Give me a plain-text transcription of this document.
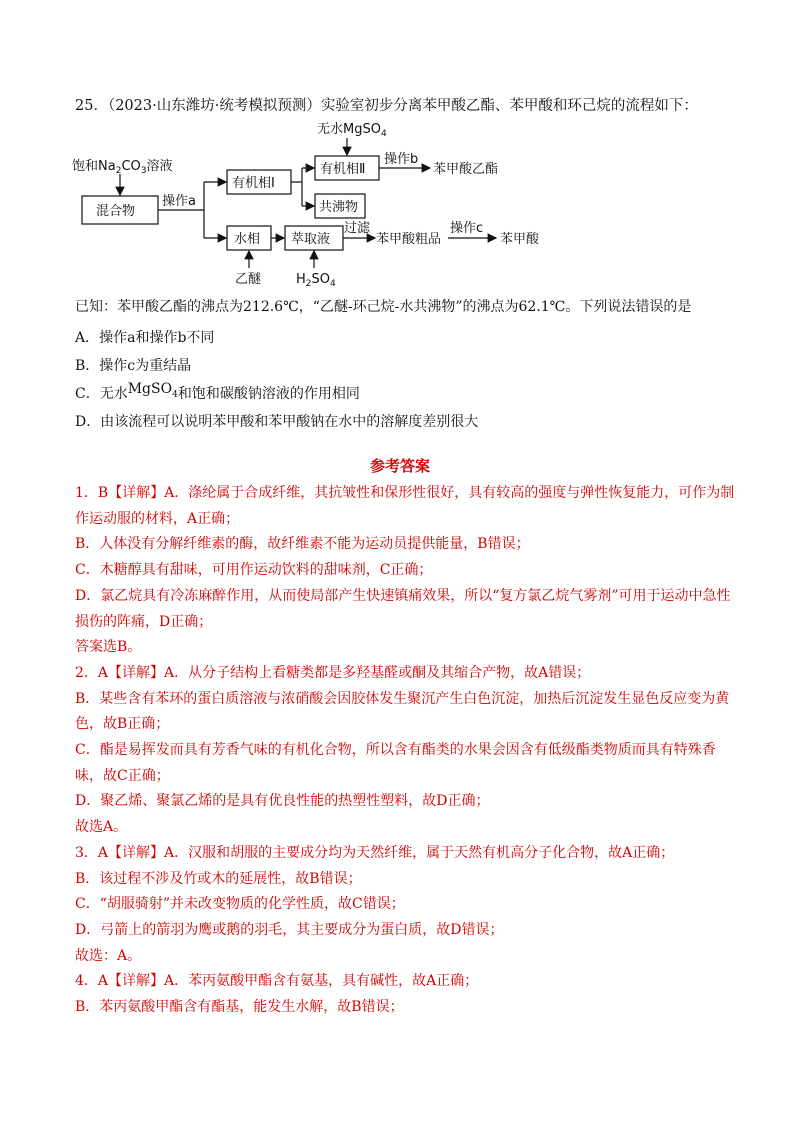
25．（2023·山东潍坊·统考模拟预测）实验室初步分离苯甲酸乙酯、苯甲酸和环己烷的流程如下：

无水MgSO$_4$
饱和$Na_2CO_3$溶液
混合物
操作a
有机相Ⅰ
有机相Ⅱ
操作b
苯甲酸乙酯
共沸物
水相 萃取液
过滤
苯甲酸粗品
操作c
苯甲酸
乙醚	$H_2SO_4$
已知：苯甲酸乙酯的沸点为212.6℃，“乙醚-环己烷-水共沸物”的沸点为62.1℃。下列说法错误的是
A．操作a和操作b不同
B．操作c为重结晶
C．无水MgSO$_4$和饱和碳酸钠溶液的作用相同
D．由该流程可以说明苯甲酸和苯甲酸钠在水中的溶解度差别很大
参考答案

1．B【详解】A．涤纶属于合成纤维，其抗皱性和保形性很好，具有较高的强度与弹性恢复能力，可作为制作运动服的材料，A正确；

B．人体没有分解纤维素的酶，故纤维素不能为运动员提供能量，B错误；

C．木糖醇具有甜味，可用作运动饮料的甜味剂，C正确；

D．氯乙烷具有冷冻麻醉作用，从而使局部产生快速镇痛效果，所以“复方氯乙烷气雾剂”可用于运动中急性损伤的阵痛，D正确；

答案选B。

2．A【详解】A．从分子结构上看糖类都是多羟基醛或酮及其缩合产物，故A错误；

B．某些含有苯环的蛋白质溶液与浓硝酸会因胶体发生聚沉产生白色沉淀，加热后沉淀发生显色反应变为黄色，故B正确；

C．酯是易挥发而具有芳香气味的有机化合物，所以含有酯类的水果会因含有低级酯类物质而具有特殊香味，故C正确；

D．聚乙烯、聚氯乙烯的是具有优良性能的热塑性塑料，故D正确；

故选A。

3．A【详解】A．汉服和胡服的主要成分均为天然纤维，属于天然有机高分子化合物，故A正确；

B．该过程不涉及竹或木的延展性，故B错误；

C．“胡服骑射”并未改变物质的化学性质，故C错误；

D．弓箭上的箭羽为鹰或鹅的羽毛，其主要成分为蛋白质，故D错误；

故选：A。

4．A【详解】A．苯丙氨酸甲酯含有氨基，具有碱性，故A正确；

B．苯丙氨酸甲酯含有酯基，能发生水解，故B错误；
